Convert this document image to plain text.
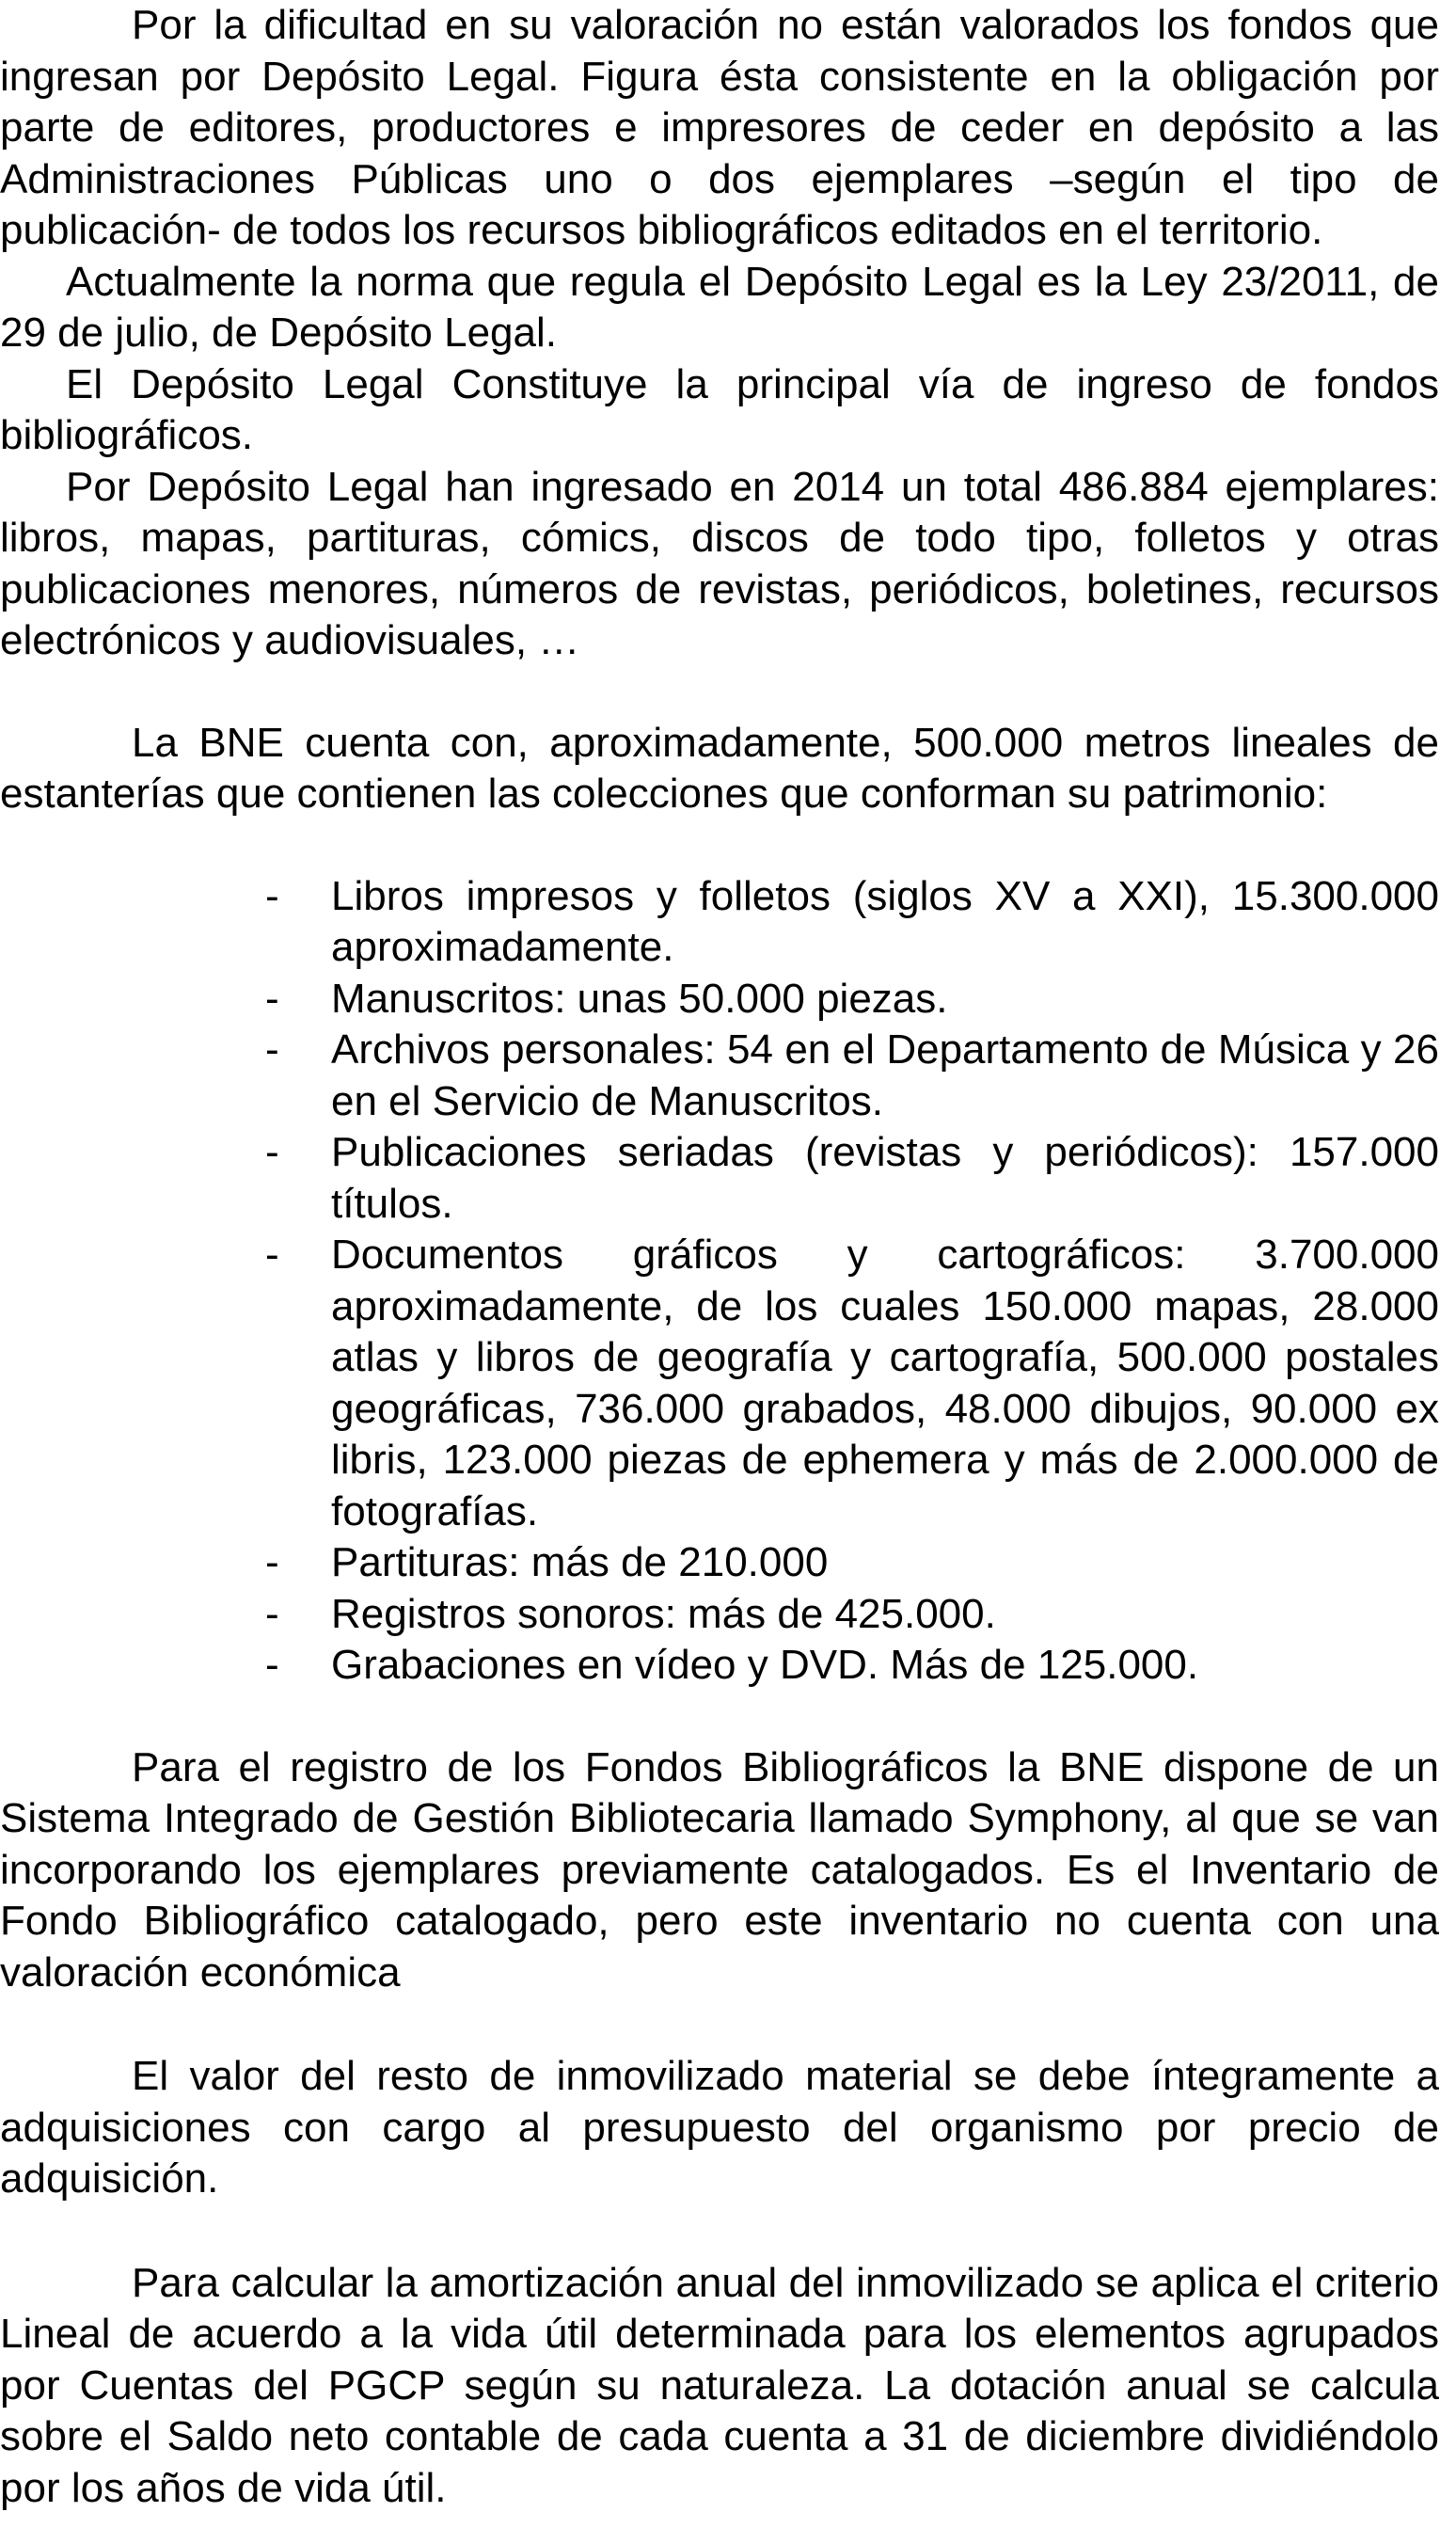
Por la dificultad en su valoración no están valorados los fondos que ingresan por Depósito Legal. Figura ésta consistente en la obligación por parte de editores, productores e impresores de ceder en depósito a las Administraciones Públicas uno o dos ejemplares –según el tipo de publicación- de todos los recursos bibliográficos editados en el territorio.

Actualmente la norma que regula el Depósito Legal es la Ley 23/2011, de 29 de julio, de Depósito Legal.

El Depósito Legal Constituye la principal vía de ingreso de fondos bibliográficos.

Por Depósito Legal han ingresado en 2014 un total 486.884 ejemplares: libros, mapas, partituras, cómics, discos de todo tipo, folletos y otras publicaciones menores, números de revistas, periódicos, boletines, recursos electrónicos y audiovisuales, …

La BNE cuenta con, aproximadamente, 500.000 metros lineales de estanterías que contienen las colecciones que conforman su patrimonio:

- Libros impresos y folletos (siglos XV a XXI), 15.300.000 aproximadamente.
- Manuscritos: unas 50.000 piezas.
- Archivos personales: 54 en el Departamento de Música y 26 en el Servicio de Manuscritos.
- Publicaciones seriadas (revistas y periódicos): 157.000 títulos.
- Documentos gráficos y cartográficos: 3.700.000 aproximadamente, de los cuales 150.000 mapas, 28.000 atlas y libros de geografía y cartografía, 500.000 postales geográficas, 736.000 grabados, 48.000 dibujos, 90.000 ex libris, 123.000 piezas de ephemera y más de 2.000.000 de fotografías.
- Partituras: más de 210.000
- Registros sonoros: más de 425.000.
- Grabaciones en vídeo y DVD. Más de 125.000.

Para el registro de los Fondos Bibliográficos la BNE dispone de un Sistema Integrado de Gestión Bibliotecaria llamado Symphony, al que se van incorporando los ejemplares previamente catalogados. Es el Inventario de Fondo Bibliográfico catalogado, pero este inventario no cuenta con una valoración económica

El valor del resto de inmovilizado material se debe íntegramente a adquisiciones con cargo al presupuesto del organismo por precio de adquisición.

Para calcular la amortización anual del inmovilizado se aplica el criterio Lineal de acuerdo a la vida útil determinada para los elementos agrupados por Cuentas del PGCP según su naturaleza. La dotación anual se calcula sobre el Saldo neto contable de cada cuenta a 31 de diciembre dividiéndolo por los años de vida útil.
